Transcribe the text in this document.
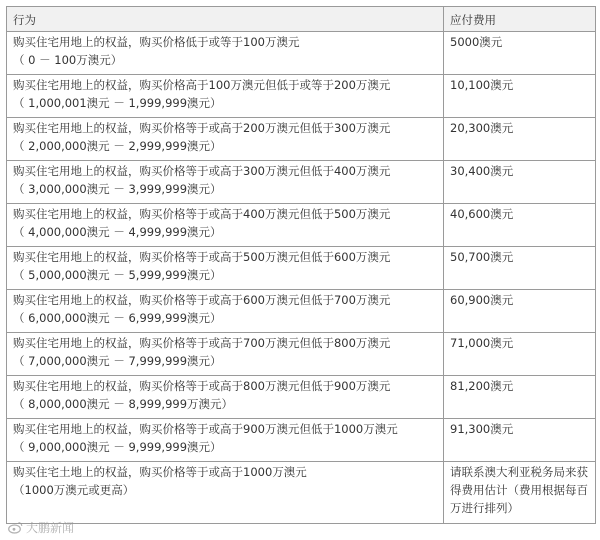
行为	应付费用

购买住宅用地上的权益，购买价格低于或等于100万澳元
（ 0 － 100万澳元）	5000澳元

购买住宅用地上的权益，购买价格高于100万澳元但低于或等于200万澳元
（ 1,000,001澳元 － 1,999,999澳元）	10,100澳元

购买住宅用地上的权益，购买价格等于或高于200万澳元但低于300万澳元
（ 2,000,000澳元 － 2,999,999澳元）	20,300澳元

购买住宅用地上的权益，购买价格等于或高于300万澳元但低于400万澳元
（ 3,000,000澳元 － 3,999,999澳元）	30,400澳元

购买住宅用地上的权益，购买价格等于或高于400万澳元但低于500万澳元
（ 4,000,000澳元 － 4,999,999澳元）	40,600澳元

购买住宅用地上的权益，购买价格等于或高于500万澳元但低于600万澳元
（ 5,000,000澳元 － 5,999,999澳元）	50,700澳元

购买住宅用地上的权益，购买价格等于或高于600万澳元但低于700万澳元
（ 6,000,000澳元 － 6,999,999澳元）	60,900澳元

购买住宅用地上的权益，购买价格等于或高于700万澳元但低于800万澳元
（ 7,000,000澳元 － 7,999,999澳元）	71,000澳元

购买住宅用地上的权益，购买价格等于或高于800万澳元但低于900万澳元
（ 8,000,000澳元 － 8,999,999万澳元）	81,200澳元

购买住宅用地上的权益，购买价格等于或高于900万澳元但低于1000万澳元
（ 9,000,000澳元 － 9,999,999澳元）	91,300澳元

购买住宅土地上的权益，购买价格等于或高于1000万澳元
（1000万澳元或更高）	请联系澳大利亚税务局来获得费用估计（费用根据每百万进行排列）
大鹏新闻
